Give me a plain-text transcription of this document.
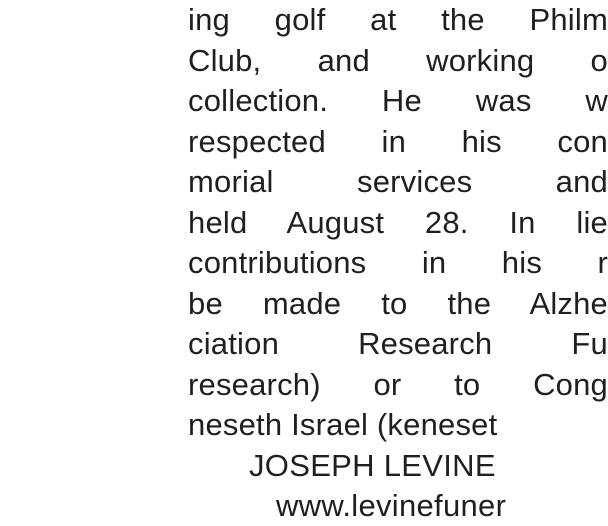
ing golf at the Philm
Club, and working o
collection. He was w
respected in his con
morial services and
held August 28. In lie
contributions in his r
be made to the Alzhe
ciation Research Fu
research) or to Cong
neseth Israel (keneset
JOSEPH LEVINE
www.levinefuner
